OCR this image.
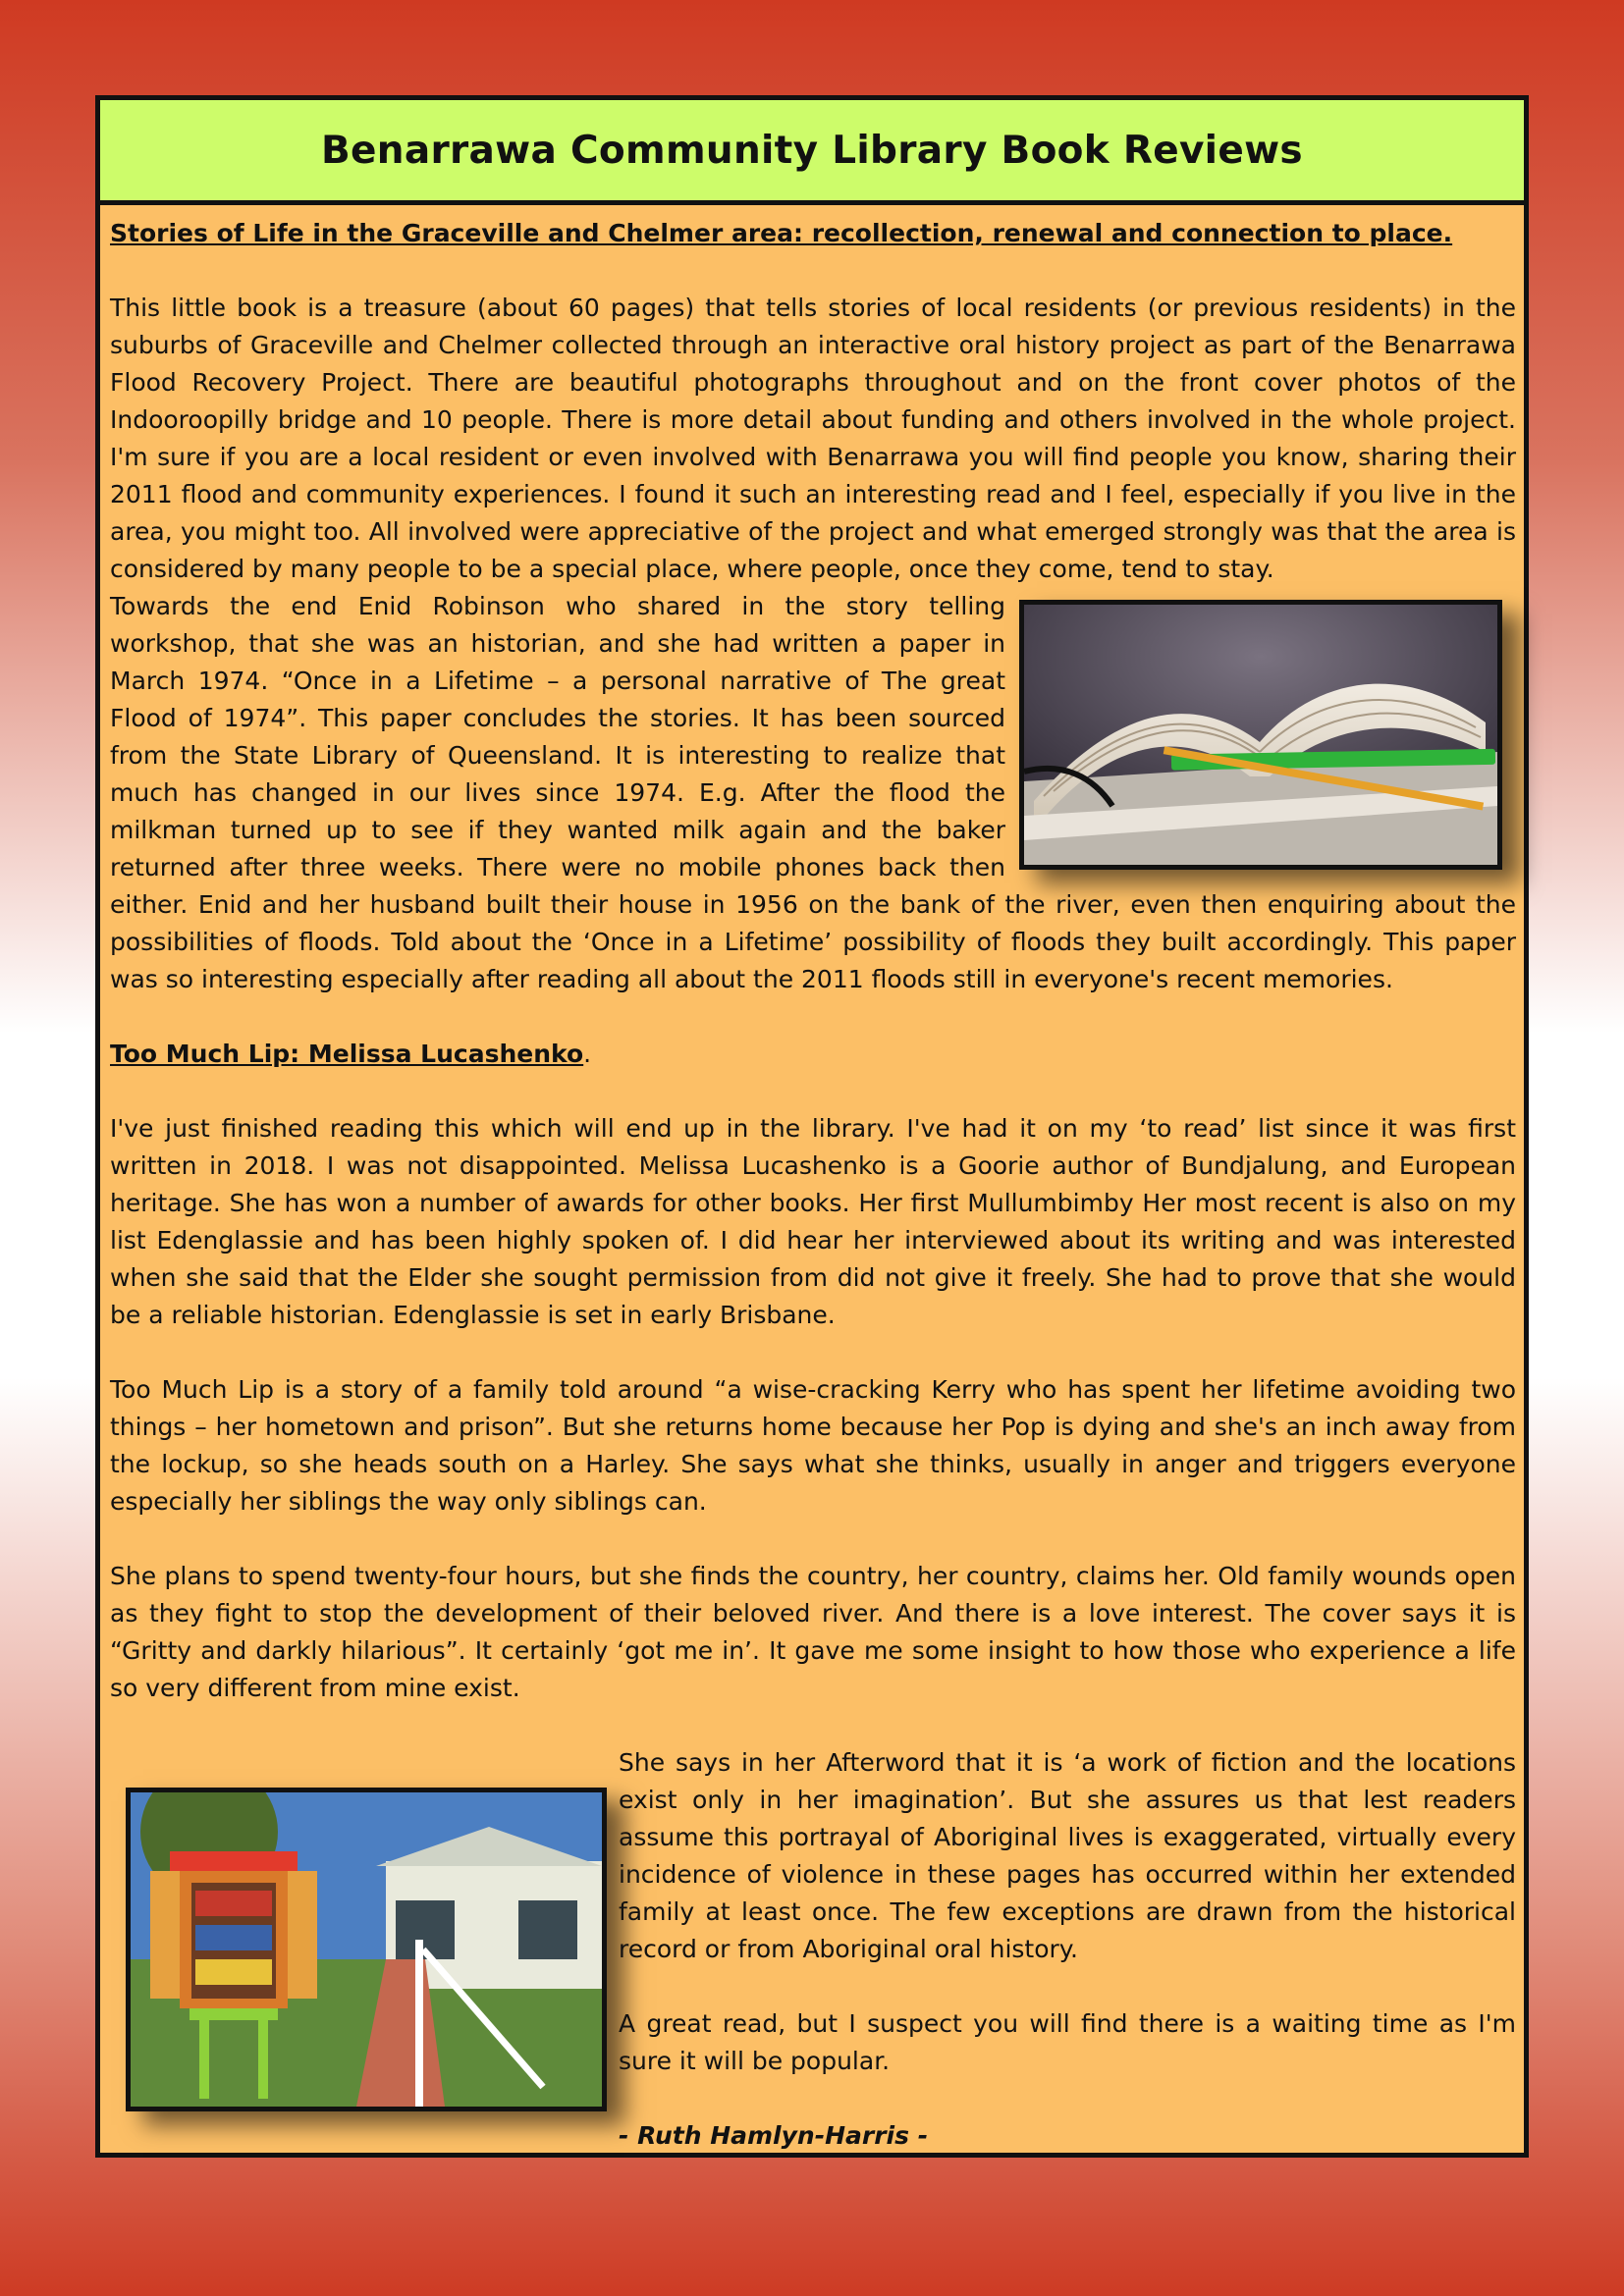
Benarrawa Community Library Book Reviews

Stories of Life in the Graceville and Chelmer area: recollection, renewal and connection to place.

This little book is a treasure (about 60 pages) that tells stories of local residents (or previous residents) in the suburbs of Graceville and Chelmer collected through an interactive oral history project as part of the Benarrawa Flood Recovery Project. There are beautiful photographs throughout and on the front cover photos of the Indooroopilly bridge and 10 people. There is more detail about funding and others involved in the whole project. I'm sure if you are a local resident or even involved with Benarrawa you will find people you know, sharing their 2011 flood and community experiences. I found it such an interesting read and I feel, especially if you live in the area, you might too. All involved were appreciative of the project and what emerged strongly was that the area is considered by many people to be a special place, where people, once they come, tend to stay.

Towards the end Enid Robinson who shared in the story telling workshop, that she was an historian, and she had written a paper in March 1974. “Once in a Lifetime – a personal narrative of The great Flood of 1974”. This paper concludes the stories. It has been sourced from the State Library of Queensland. It is interesting to realize that much has changed in our lives since 1974. E.g. After the flood the milkman turned up to see if they wanted milk again and the baker returned after three weeks. There were no mobile phones back then either. Enid and her husband built their house in 1956 on the bank of the river, even then enquiring about the possibilities of floods. Told about the ‘Once in a Lifetime’ possibility of floods they built accordingly. This paper was so interesting especially after reading all about the 2011 floods still in everyone's recent memories.

Too Much Lip: Melissa Lucashenko.

I've just finished reading this which will end up in the library. I've had it on my ‘to read’ list since it was first written in 2018. I was not disappointed. Melissa Lucashenko is a Goorie author of Bundjalung, and European heritage. She has won a number of awards for other books. Her first Mullumbimby Her most recent is also on my list Edenglassie and has been highly spoken of. I did hear her interviewed about its writing and was interested when she said that the Elder she sought permission from did not give it freely. She had to prove that she would be a reliable historian. Edenglassie is set in early Brisbane.

Too Much Lip is a story of a family told around “a wise-cracking Kerry who has spent her lifetime avoiding two things – her hometown and prison”. But she returns home because her Pop is dying and she's an inch away from the lockup, so she heads south on a Harley. She says what she thinks, usually in anger and triggers everyone especially her siblings the way only siblings can.

She plans to spend twenty-four hours, but she finds the country, her country, claims her. Old family wounds open as they fight to stop the development of their beloved river. And there is a love interest. The cover says it is “Gritty and darkly hilarious”. It certainly ‘got me in’. It gave me some insight to how those who experience a life so very different from mine exist.

She says in her Afterword that it is ‘a work of fiction and the locations exist only in her imagination’. But she assures us that lest readers assume this portrayal of Aboriginal lives is exaggerated, virtually every incidence of violence in these pages has occurred within her extended family at least once. The few exceptions are drawn from the historical record or from Aboriginal oral history.

A great read, but I suspect you will find there is a waiting time as I'm sure it will be popular.

- Ruth Hamlyn-Harris -
